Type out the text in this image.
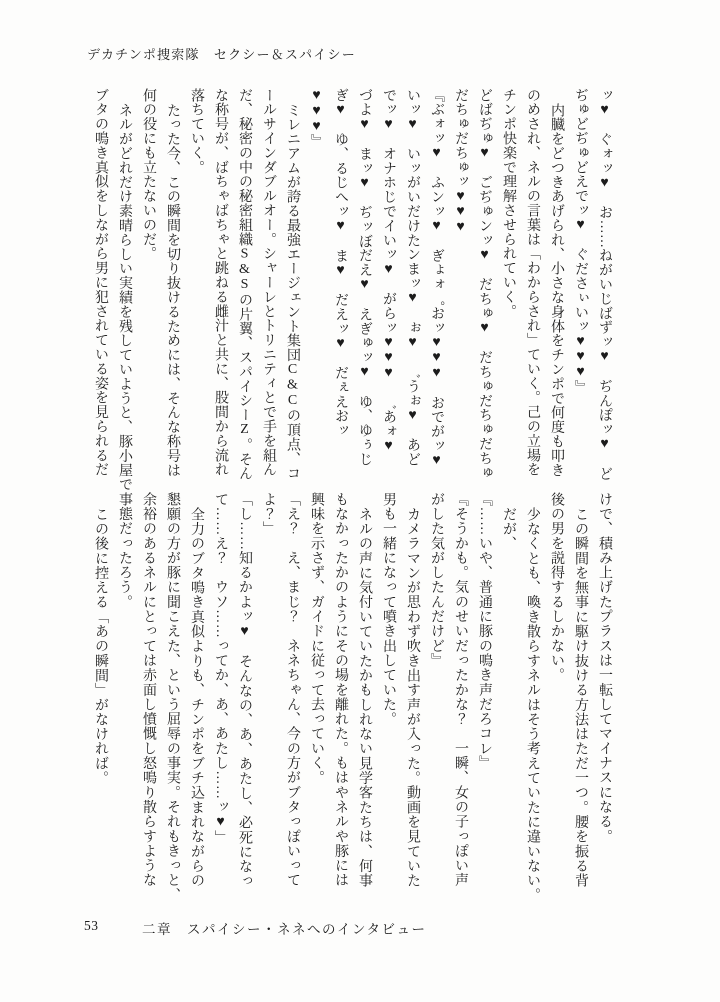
デカチンポ捜索隊　セクシー＆スパイシー
ッ♥　ぐォッ♥　お……ねがいじばずッ♥　ぢんぽッ♥　ど
ぢゅどぢゅどえでッ♥　ぐださぃいッ♥♥♥』
内臓をどつきあげられ、小さな身体をチンポで何度も叩き
のめされ、ネルの言葉は「わからされ」ていく。己の立場を
チンポ快楽で理解させられていく。
どばぢゅ♥　ごぢゅンッ♥　だちゅ♥　だちゅだちゅだちゅ
だちゅだちゅッ♥♥♥
『ぶォッ♥　ふンッ♥　ぎょォ゜おッ♥♥♥　おでがッ♥
いッ♥　いッがいだけたンまッ♥　ぉ♥　゛うぉ♥　あど
でッ♥　オナホじでイいッ♥　がらッ♥♥♥　゛あォ♥
づよ♥　まッ♥　ぢッぼだえ♥　えぎゅッ♥　ゆ、ゆぅじ
ぎ♥　ゆ、るじへッ♥　ま♥　だえッ♥　だぇえおッ
♥♥♥』
ミレニアムが誇る最強エージェント集団C&Cの頂点、コ
ールサインダブルオー。シャーレとトリニティとで手を組ん
だ、秘密の中の秘密組織S&Sの片翼、スパイシーZ。そん
な称号が、ばちゃばちゃと跳ねる雌汁と共に、股間から流れ
落ちていく。
たった今、この瞬間を切り抜けるためには、そんな称号は
何の役にも立たないのだ。
ネルがどれだけ素晴らしい実績を残していようと、豚小屋で
ブタの鳴き真似をしながら男に犯されている姿を見られるだ
けで、積み上げたプラスは一転してマイナスになる。
この瞬間を無事に駆け抜ける方法はただ一つ。腰を振る背
後の男を説得するしかない。
少なくとも、喚き散らすネルはそう考えていたに違いない。
だが、
『……いや、普通に豚の鳴き声だろコレ』
『そうかも。気のせいだったかな？　一瞬、女の子っぽい声
がした気がしたんだけど』
カメラマンが思わず吹き出す声が入った。動画を見ていた
男も一緒になって噴き出していた。
ネルの声に気付いていたかもしれない見学客たちは、何事
もなかったかのようにその場を離れた。もはやネルや豚には
興味を示さず、ガイドに従って去っていく。
「え？　え、まじ？　ネネちゃん、今の方がブタっぽいって
よ？」
「し……知るかよッ♥　そんなの、あ、あたし、必死になっ
て……え？　ウソ……ってか、あ、あたし……ッ♥」
全力のブタ鳴き真似よりも、チンポをブチ込まれながらの
懇願の方が豚に聞こえた、という屈辱の事実。それもきっと、
余裕のあるネルにとっては赤面し憤慨し怒鳴り散らすような
事態だったろう。
この後に控える「あの瞬間」がなければ。
53	二章　スパイシー・ネネへのインタビュー
